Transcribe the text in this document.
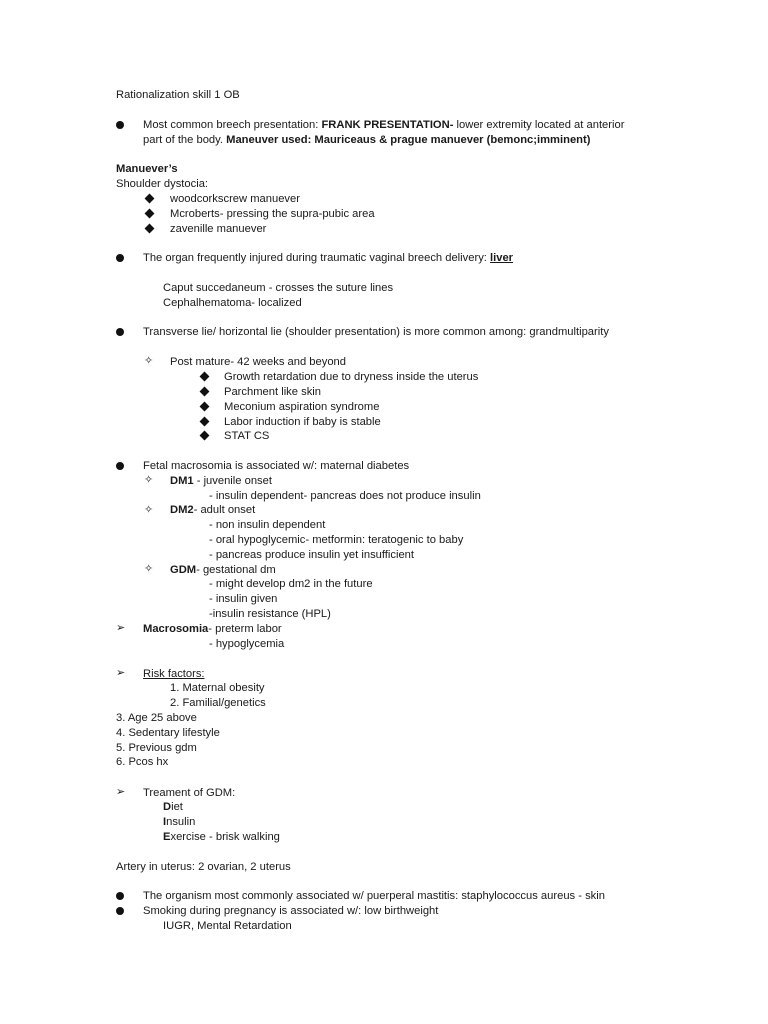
Rationalization skill 1 OB
Most common breech presentation: FRANK PRESENTATION- lower extremity located at anterior
part of the body. Maneuver used: Mauriceaus & prague manuever (bemonc;imminent)
Manuever’s
Shoulder dystocia:
woodcorkscrew manuever
Mcroberts- pressing the supra-pubic area
zavenille manuever
The organ frequently injured during traumatic vaginal breech delivery: liver
Caput succedaneum - crosses the suture lines
Cephalhematoma- localized
Transverse lie/ horizontal lie (shoulder presentation) is more common among: grandmultiparity
✧ Post mature- 42 weeks and beyond
Growth retardation due to dryness inside the uterus
Parchment like skin
Meconium aspiration syndrome
Labor induction if baby is stable
STAT CS
Fetal macrosomia is associated w/: maternal diabetes
✧ DM1 - juvenile onset
- insulin dependent- pancreas does not produce insulin
✧ DM2- adult onset
- non insulin dependent
- oral hypoglycemic- metformin: teratogenic to baby
- pancreas produce insulin yet insufficient
✧ GDM- gestational dm
- might develop dm2 in the future
- insulin given
-insulin resistance (HPL)
➢ Macrosomia- preterm labor
- hypoglycemia
➢ Risk factors:
1. Maternal obesity
2. Familial/genetics
3. Age 25 above
4. Sedentary lifestyle
5. Previous gdm
6. Pcos hx
➢ Treament of GDM:
Diet
Insulin
Exercise - brisk walking
Artery in uterus: 2 ovarian, 2 uterus
The organism most commonly associated w/ puerperal mastitis: staphylococcus aureus - skin
Smoking during pregnancy is associated w/: low birthweight
IUGR, Mental Retardation
